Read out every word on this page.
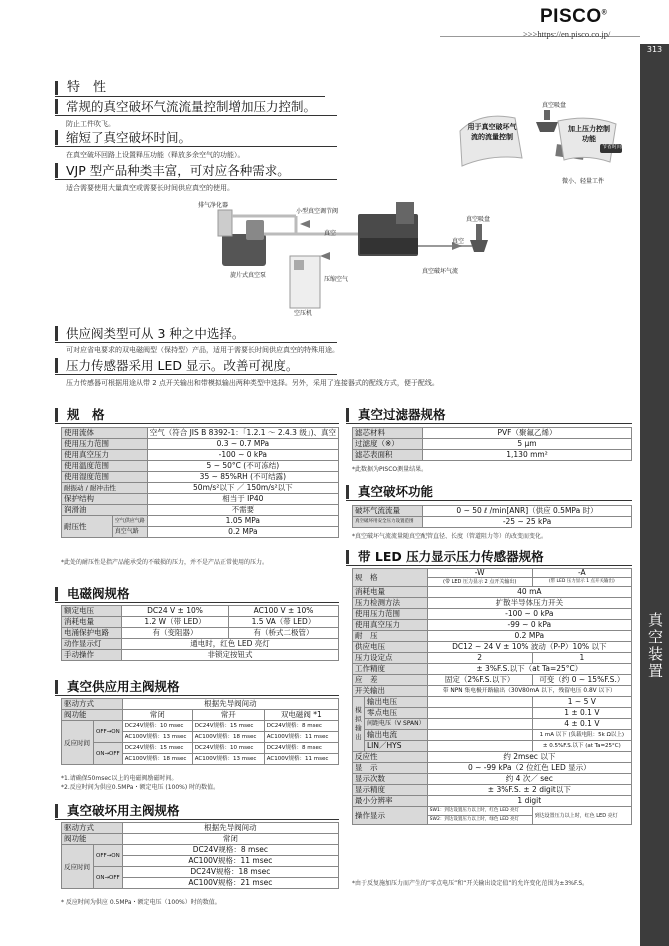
PISCO®
>>>https://en.pisco.co.jp/
313
真空装置
特　性
常规的真空破坏气流流量控制增加压力控制。
防止工件吹飞。
缩短了真空破坏时间。
在真空破坏回路上设置释压功能（释放多余空气的功能）。
VJP 型产品种类丰富，可对应各种需求。
适合需要使用大量真空或需要长时间供应真空的使用。
真空吸盘
用于真空破坏气流的流量控制
加上压力控制功能
节省时间
微小、轻量工件
排气净化器
小型真空调节阀
真空
真空吸盘
真空
旋片式真空泵
压缩空气
真空破坏气流
空压机
供应阀类型可从 3 种之中选择。
可对应省电要求的双电磁阀型（保持型）产品，适用于需要长时间供应真空的特殊用途。
压力传感器采用 LED 显示。改善可视度。
压力传感器可根据用途从带 2 点开关输出和带模拟输出两种类型中选择。另外，采用了连接器式的配线方式，便于配线。
规　格
使用流体		空气（符合 JIS B 8392-1：「1.2.1 ～ 2.4.3 级」)、真空
使用压力范围		0.3 ~ 0.7 MPa
使用真空压力		-100 ~ 0 kPa
使用温度范围		5 ~ 50°C (不可冻结)
使用湿度范围		35 ~ 85%RH (不可结露)
耐振动 / 耐冲击性		50m/s²以下 ／ 150m/s²以下
保护结构		相当于 IP40
润滑油		不需要
耐压性	空气供应气路	1.05 MPa
	真空气路	0.2 MPa
*此处的耐压性是指产品能承受的不破损的压力，并不是产品正常使用的压力。
电磁阀规格
额定电压	DC24 V ± 10%	AC100 V ± 10%
消耗电量	1.2 W（带 LED）	1.5 VA（带 LED）
电涌保护电路	有（变阻器）	有（桥式二极管）
动作显示灯	通电时，红色 LED 亮灯	
手动操作	非锁定按钮式	
真空供应用主阀规格
驱动方式		根据先导阀间动		
阀功能		常闭	常开	双电磁阀 *1
反应时间	OFF→ON	DC24V规格：10 msec	DC24V规格：15 msec	DC24V规格：8 msec
		AC100V规格：13 msec	AC100V规格：18 msec	AC100V规格：11 msec
	ON→OFF	DC24V规格：15 msec	DC24V规格：10 msec	DC24V规格：8 msec
		AC100V规格：18 msec	AC100V规格：13 msec	AC100V规格：11 msec
*1.请确保50msec以上的电磁阀励磁时间。
*2.反应时间为供应0.5MPa・额定电压 (100%) 时的数值。
真空破坏用主阀规格
驱动方式		根据先导阀间动
阀功能		常闭
反应时间	OFF→ON	DC24V规格：8 msec
		AC100V规格：11 msec
	ON→OFF	DC24V规格：18 msec
		AC100V规格：21 msec
* 反应时间为供应 0.5MPa・额定电压（100%）时的数值。
真空过滤器规格
滤芯材料	PVF（聚氟乙烯）
过滤度（※）	5 μm
滤芯表面积	1,130 mm²
*此数据为PISCO测量结果。
真空破坏功能
破坏气流流量	0 ~ 50 ℓ /min[ANR]（供应 0.5MPa 时）
真空破坏用安全压力设置范围	-25 ~ 25 kPa
*真空破坏气流流量随真空配管直径、长度（管道阻力等）的改变而变化。
带 LED 压力显示压力传感器规格
规　格		-W	-A
		(带 LED 压力显示 2 点开关输出)	(带 LED 压力显示 1 点开关输出)
消耗电量		40 mA	
压力检测方法		扩散半导体压力开关	
使用压力范围		-100 ~ 0 kPa	
使用真空压力		-99 ~ 0 kPa	
耐　压		0.2 MPa	
供应电压		DC12 ~ 24 V ± 10% 波动（P-P）10% 以下	
压力设定点		2	1
工作精度		± 3%F.S.以下（at Ta=25°C）	
应　差		固定（2%F.S.以下）	可变（约 0 ~ 15%F.S.）
开关输出		带 NPN 集电极开路输出（30V80mA 以下，残留电压 0.8V 以下）	
模拟输出	输出电压		1 ~ 5 V
	零点电压		1 ± 0.1 V
	间距电压（V SPAN）		4 ± 0.1 V
	输出电流		1 mA 以下 (负载电阻：5k Ω以上)
	LIN／HYS		± 0.5%F.S.以下 (at Ta=25°C)
反应性		约 2msec 以下	
显　示		0 ~ -99 kPa（2 位红色 LED 显示）	
显示次数		约 4 次／ sec	
显示精度		± 3%F.S. ± 2 digit以下	
最小分辨率		1 digit	
操作显示		SW1：到达设置压力以上时，红色 LED 亮灯	到达设置压力以上时，红色 LED 亮灯
		SW2：到达设置压力以上时，绿色 LED 亮灯	
*由于反复施加压力而产生的“零点电压”和“开关输出设定值”的允许变化范围为±3%F.S。
